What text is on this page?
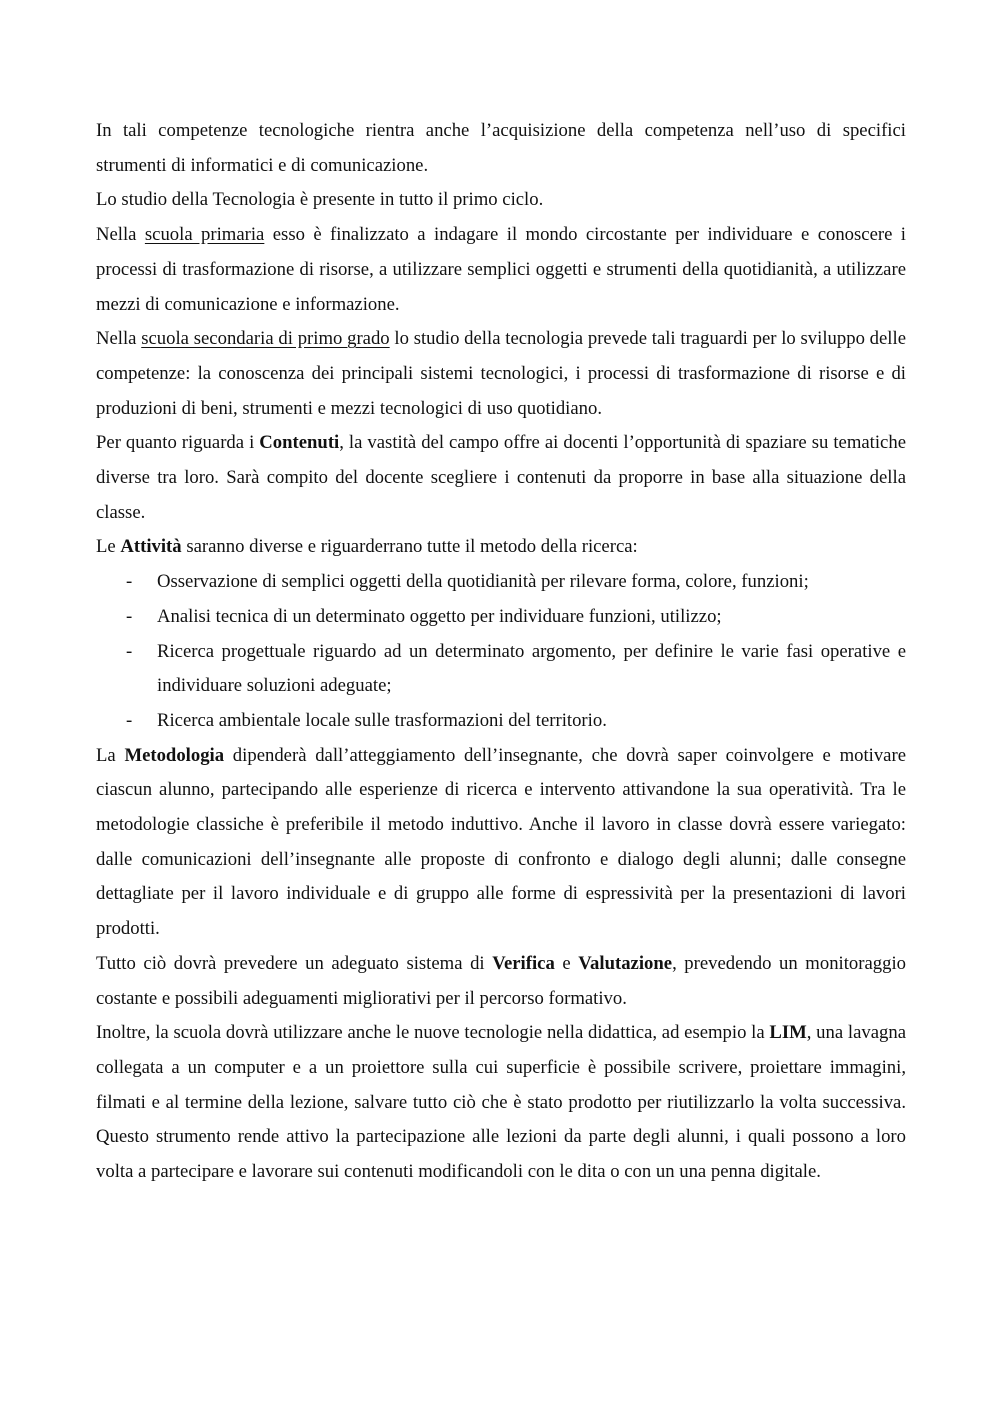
In tali competenze tecnologiche rientra anche l’acquisizione della competenza nell’uso di specifici strumenti di informatici e di comunicazione.

Lo studio della Tecnologia è presente in tutto il primo ciclo.

Nella scuola primaria esso è finalizzato a indagare il mondo circostante per individuare e conoscere i processi di trasformazione di risorse, a utilizzare semplici oggetti e strumenti della quotidianità, a utilizzare mezzi di comunicazione e informazione.

Nella scuola secondaria di primo grado lo studio della tecnologia prevede tali traguardi per lo sviluppo delle competenze: la conoscenza dei principali sistemi tecnologici, i processi di trasformazione di risorse e di produzioni di beni, strumenti e mezzi tecnologici di uso quotidiano.

Per quanto riguarda i Contenuti, la vastità del campo offre ai docenti l’opportunità di spaziare su tematiche diverse tra loro. Sarà compito del docente scegliere i contenuti da proporre in base alla situazione della classe.

Le Attività saranno diverse e riguarderrano tutte il metodo della ricerca:

- Osservazione di semplici oggetti della quotidianità per rilevare forma, colore, funzioni;
- Analisi tecnica di un determinato oggetto per individuare funzioni, utilizzo;
- Ricerca progettuale riguardo ad un determinato argomento, per definire le varie fasi operative e individuare soluzioni adeguate;
- Ricerca ambientale locale sulle trasformazioni del territorio.

La Metodologia dipenderà dall’atteggiamento dell’insegnante, che dovrà saper coinvolgere e motivare ciascun alunno, partecipando alle esperienze di ricerca e intervento attivandone la sua operatività. Tra le metodologie classiche è preferibile il metodo induttivo. Anche il lavoro in classe dovrà essere variegato: dalle comunicazioni dell’insegnante alle proposte di confronto e dialogo degli alunni; dalle consegne dettagliate per il lavoro individuale e di gruppo alle forme di espressività per la presentazioni di lavori prodotti.

Tutto ciò dovrà prevedere un adeguato sistema di Verifica e Valutazione, prevedendo un monitoraggio costante e possibili adeguamenti migliorativi per il percorso formativo.

Inoltre, la scuola dovrà utilizzare anche le nuove tecnologie nella didattica, ad esempio la LIM, una lavagna collegata a un computer e a un proiettore sulla cui superficie è possibile scrivere, proiettare immagini, filmati e al termine della lezione, salvare tutto ciò che è stato prodotto per riutilizzarlo la volta successiva. Questo strumento rende attivo la partecipazione alle lezioni da parte degli alunni, i quali possono a loro volta a partecipare e lavorare sui contenuti modificandoli con le dita o con un una penna digitale.
